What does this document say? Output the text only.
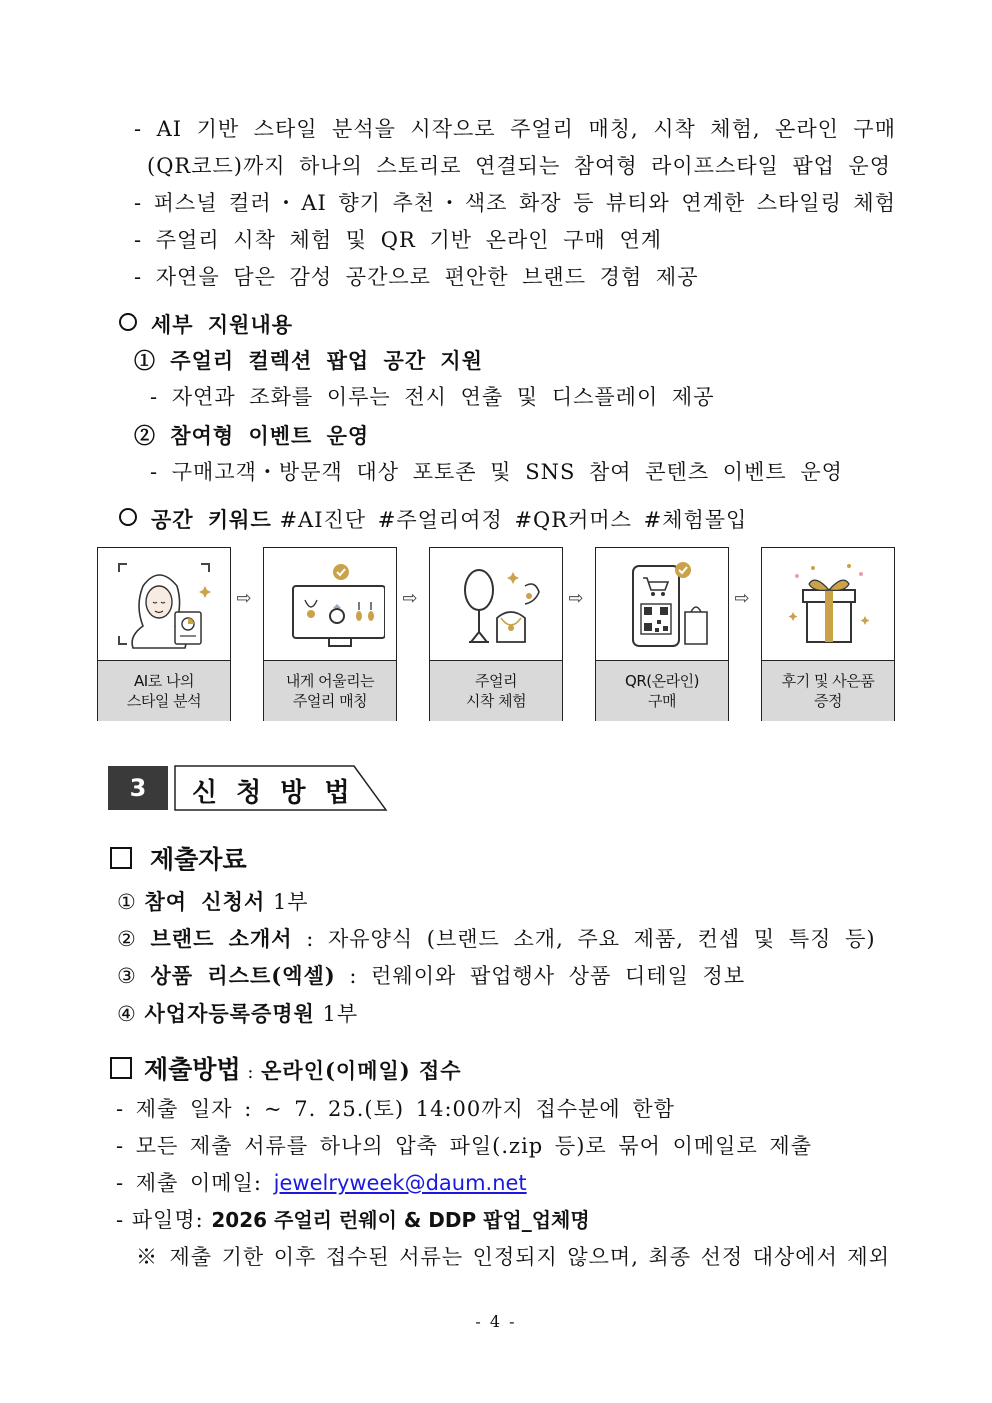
- AI 기반 스타일 분석을 시작으로 주얼리 매칭, 시착 체험, 온라인 구매
(QR코드)까지 하나의 스토리로 연결되는 참여형 라이프스타일 팝업 운영
- 퍼스널 컬러・AI 향기 추천・색조 화장 등 뷰티와 연계한 스타일링 체험
- 주얼리 시착 체험 및 QR 기반 온라인 구매 연계
- 자연을 담은 감성 공간으로 편안한 브랜드 경험 제공
세부 지원내용
① 주얼리 컬렉션 팝업 공간 지원
- 자연과 조화를 이루는 전시 연출 및 디스플레이 제공
② 참여형 이벤트 운영
- 구매고객・방문객 대상 포토존 및 SNS 참여 콘텐츠 이벤트 운영
공간 키워드 #AI진단 #주얼리여정 #QR커머스 #체험몰입
AI로 나의
스타일 분석
⇨
내게 어울리는
주얼리 매칭
⇨
주얼리
시착 체험
⇨
QR(온라인)
구매
⇨
후기 및 사은품
증정
3	신 청 방 법
제출자료
① 참여 신청서 1부
② 브랜드 소개서 : 자유양식 (브랜드 소개, 주요 제품, 컨셉 및 특징 등)
③ 상품 리스트(엑셀) : 런웨이와 팝업행사 상품 디테일 정보
④ 사업자등록증명원 1부
제출방법 : 온라인(이메일) 접수
- 제출 일자 : ~ 7. 25.(토) 14:00까지 접수분에 한함
- 모든 제출 서류를 하나의 압축 파일(.zip 등)로 묶어 이메일로 제출
- 제출 이메일: jewelryweek@daum.net
- 파일명: 2026 주얼리 런웨이 & DDP 팝업_업체명
※ 제출 기한 이후 접수된 서류는 인정되지 않으며, 최종 선정 대상에서 제외
- 4 -
